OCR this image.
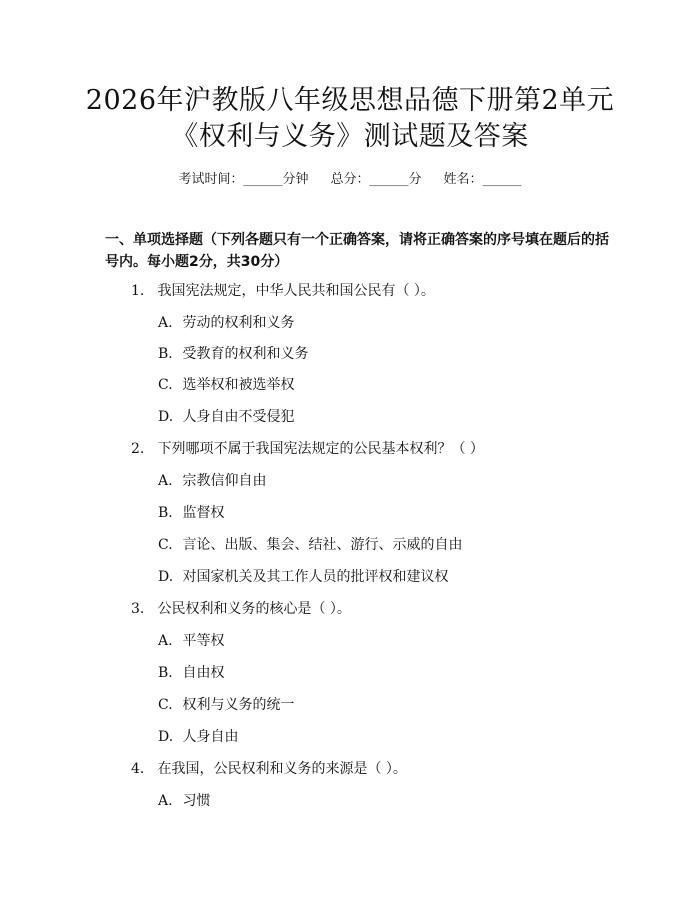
2026年沪教版八年级思想品德下册第2单元
《权利与义务》测试题及答案
考试时间：______分钟 总分：______分 姓名：______
一、单项选择题（下列各题只有一个正确答案，请将正确答案的序号填在题后的括号内。每小题2分，共30分）
1. 我国宪法规定，中华人民共和国公民有（ ）。
A. 劳动的权利和义务
B. 受教育的权利和义务
C. 选举权和被选举权
D. 人身自由不受侵犯
2. 下列哪项不属于我国宪法规定的公民基本权利？（ ）
A. 宗教信仰自由
B. 监督权
C. 言论、出版、集会、结社、游行、示威的自由
D. 对国家机关及其工作人员的批评权和建议权
3. 公民权利和义务的核心是（ ）。
A. 平等权
B. 自由权
C. 权利与义务的统一
D. 人身自由
4. 在我国，公民权利和义务的来源是（ ）。
A. 习惯
